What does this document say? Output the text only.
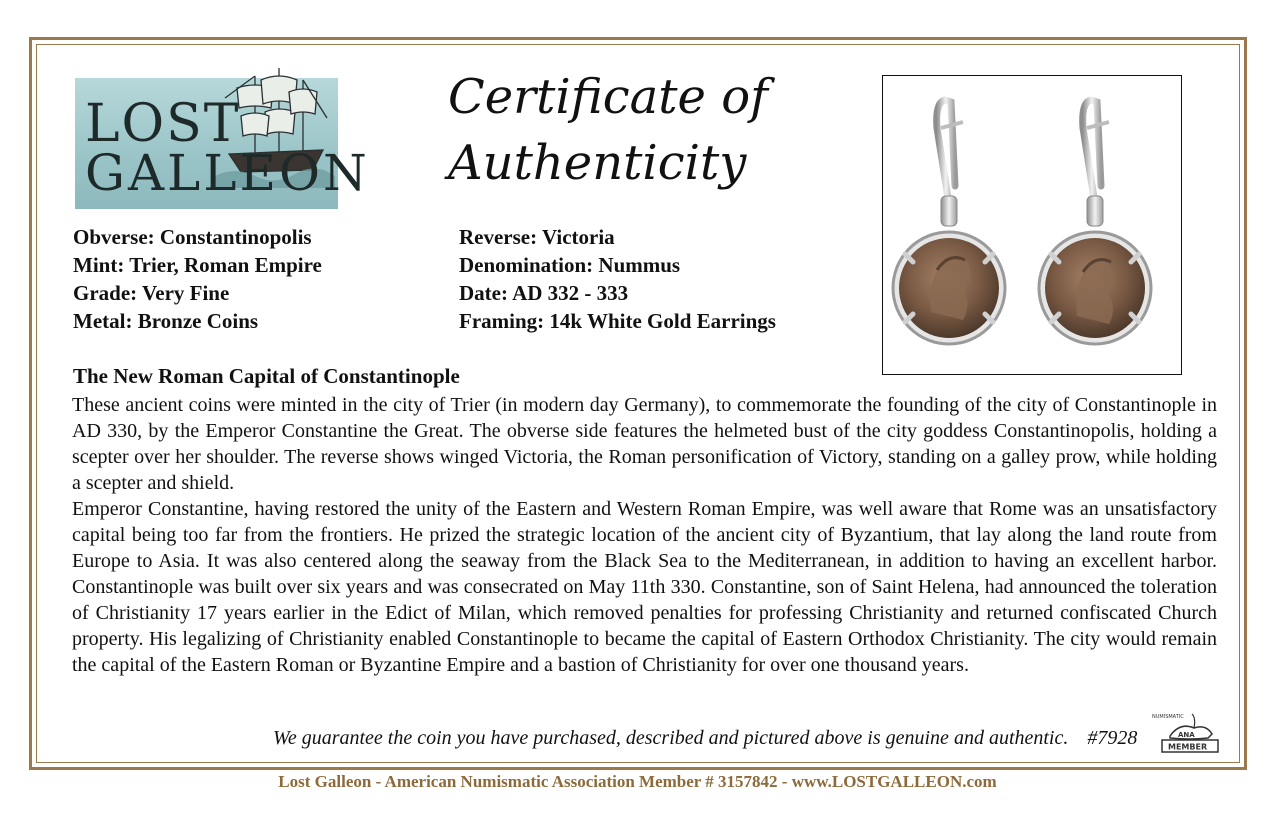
LOST
GALLEON
Certificate of
Authenticity
Obverse: Constantinopolis
Mint: Trier, Roman Empire
Grade: Very Fine
Metal: Bronze Coins
Reverse: Victoria
Denomination: Nummus
Date: AD 332 - 333
Framing: 14k White Gold Earrings
The New Roman Capital of Constantinople

These ancient coins were minted in the city of Trier (in modern day Germany), to commemorate the founding of the city of Constantinople in AD 330, by the Emperor Constantine the Great. The obverse side features the helmeted bust of the city goddess Constantinopolis, holding a scepter over her shoulder. The reverse shows winged Victoria, the Roman personification of Victory, standing on a galley prow, while holding a scepter and shield.

Emperor Constantine, having restored the unity of the Eastern and Western Roman Empire, was well aware that Rome was an unsatisfactory capital being too far from the frontiers. He prized the strategic location of the ancient city of Byzantium, that lay along the land route from Europe to Asia. It was also centered along the seaway from the Black Sea to the Mediterranean, in addition to having an excellent harbor. Constantinople was built over six years and was consecrated on May 11th 330. Constantine, son of Saint Helena, had announced the toleration of Christianity 17 years earlier in the Edict of Milan, which removed penalties for professing Christianity and returned confiscated Church property. His legalizing of Christianity enabled Constantinople to became the capital of Eastern Orthodox Christianity. The city would remain the capital of the Eastern Roman or Byzantine Empire and a bastion of Christianity for over one thousand years.

We guarantee the coin you have purchased, described and pictured above is genuine and authentic. #7928
NUMISMATIC
ANA
MEMBER
Lost Galleon - American Numismatic Association Member # 3157842 - www.LOSTGALLEON.com
